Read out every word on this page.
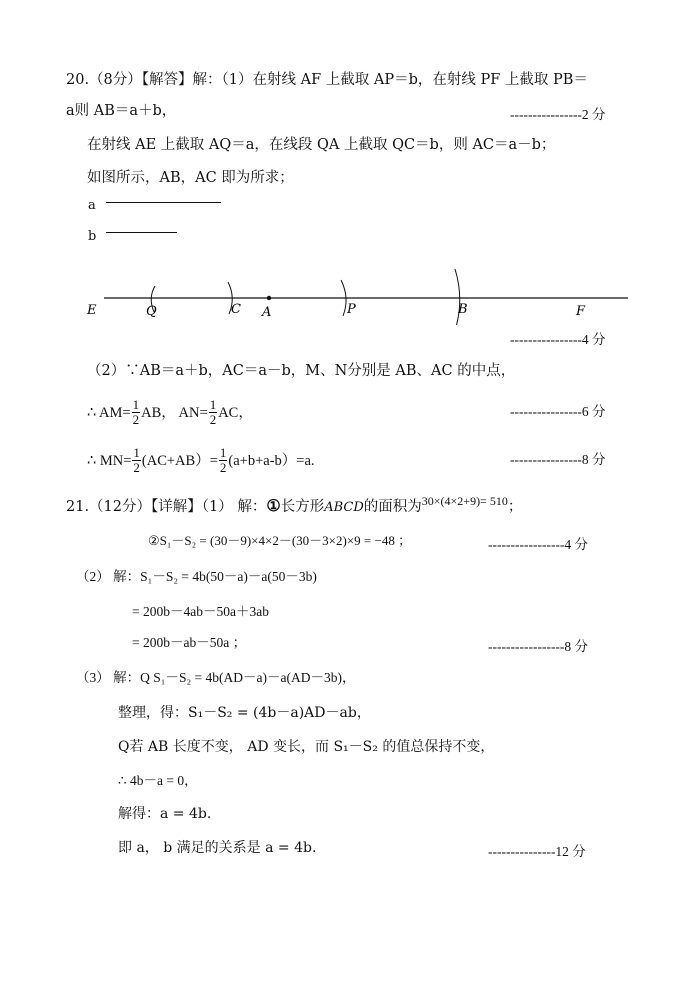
20.（8分）【解答】解：（1）在射线 AF 上截取 AP＝b，在射线 PF 上截取 PB＝
a则 AB＝a＋b，	----------------2 分
在射线 AE 上截取 AQ＝a，在线段 QA 上截取 QC＝b，则 AC＝a－b；
如图所示，AB，AC 即为所求；
a
b
E	Q	C A	P	B	F
----------------4 分
（2）∵AB＝a＋b，AC＝a－b，M、N分别是 AB、AC 的中点，
∴ $AM= \frac{1}{2}$ AB， $AN= \frac{1}{2}$ AC，	----------------6 分
∴ $MN= \frac{1}{2} (AC+AB)= \frac{1}{2} (a+b+a-b)=a$.	----------------8 分
21.（12分）【详解】（1） 解：①长方形ABCD的面积为$^{30\times(4\times 2+9)= 510}$；
②S₁－S₂ = (30－9)×4×2－(30－3×2)×9 = −48 ；	-----------------4 分
（2） 解：S₁－S₂ = 4b(50－a)－a(50－3b)
= 200b－4ab－50a＋3ab
= 200b－ab－50a ；	-----------------8 分
（3） 解：Q S₁－S₂ = 4b(AD－a)－a(AD－3b)，
整理，得：S₁－S₂ = (4b－a)AD－ab，
Q若 AB 长度不变， AD 变长，而 S₁－S₂ 的值总保持不变，
∴ 4b－a = 0，
解得：a = 4b.
即 a， b 满足的关系是 a = 4b.	---------------12 分
